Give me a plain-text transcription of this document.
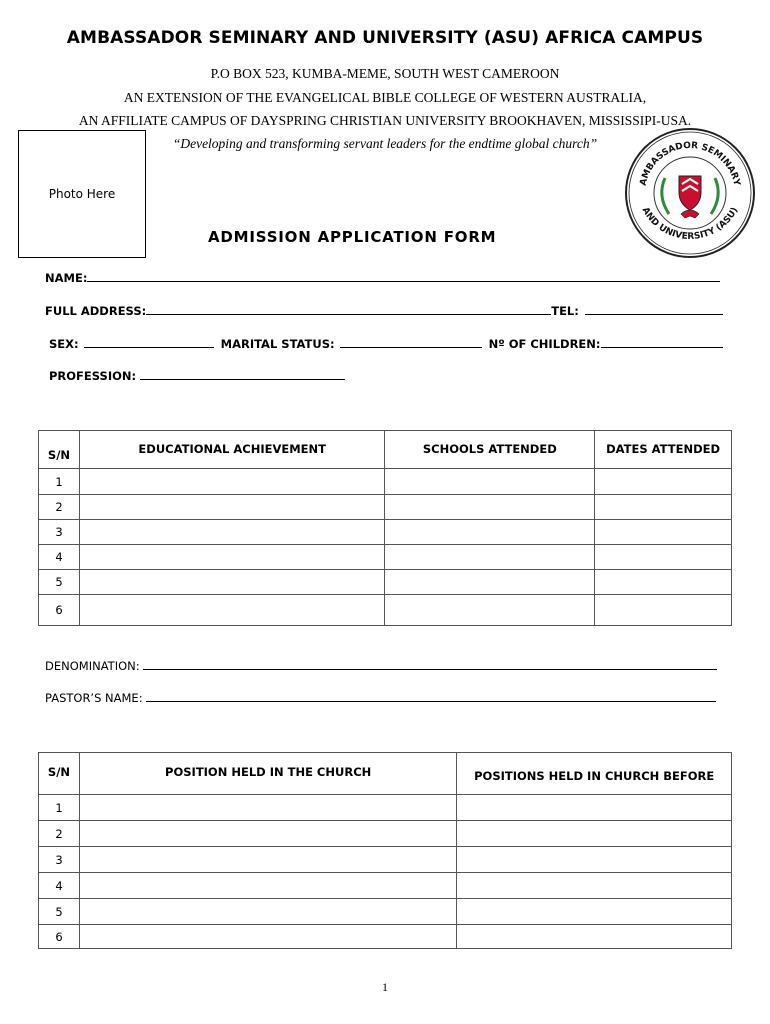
AMBASSADOR SEMINARY AND UNIVERSITY (ASU) AFRICA CAMPUS
P.O BOX 523, KUMBA-MEME, SOUTH WEST CAMEROON
AN EXTENSION OF THE EVANGELICAL BIBLE COLLEGE OF WESTERN AUSTRALIA,
AN AFFILIATE CAMPUS OF DAYSPRING CHRISTIAN UNIVERSITY BROOKHAVEN, MISSISSIPI-USA.
“Developing and transforming servant leaders for the endtime global church”
Photo Here
AMBASSADOR SEMINARY
AND UNIVERSITY (ASU)
ADMISSION APPLICATION FORM
NAME:
FULL ADDRESS:	TEL:
SEX:	MARITAL STATUS:	Nº OF CHILDREN:
PROFESSION:
S/N	EDUCATIONAL ACHIEVEMENT	SCHOOLS ATTENDED	DATES ATTENDED
1			
2			
3			
4			
5			
6			
DENOMINATION:
PASTOR’S NAME:
S/N	POSITION HELD IN THE CHURCH	POSITIONS HELD IN CHURCH BEFORE
1		
2		
3		
4		
5		
6		
1
